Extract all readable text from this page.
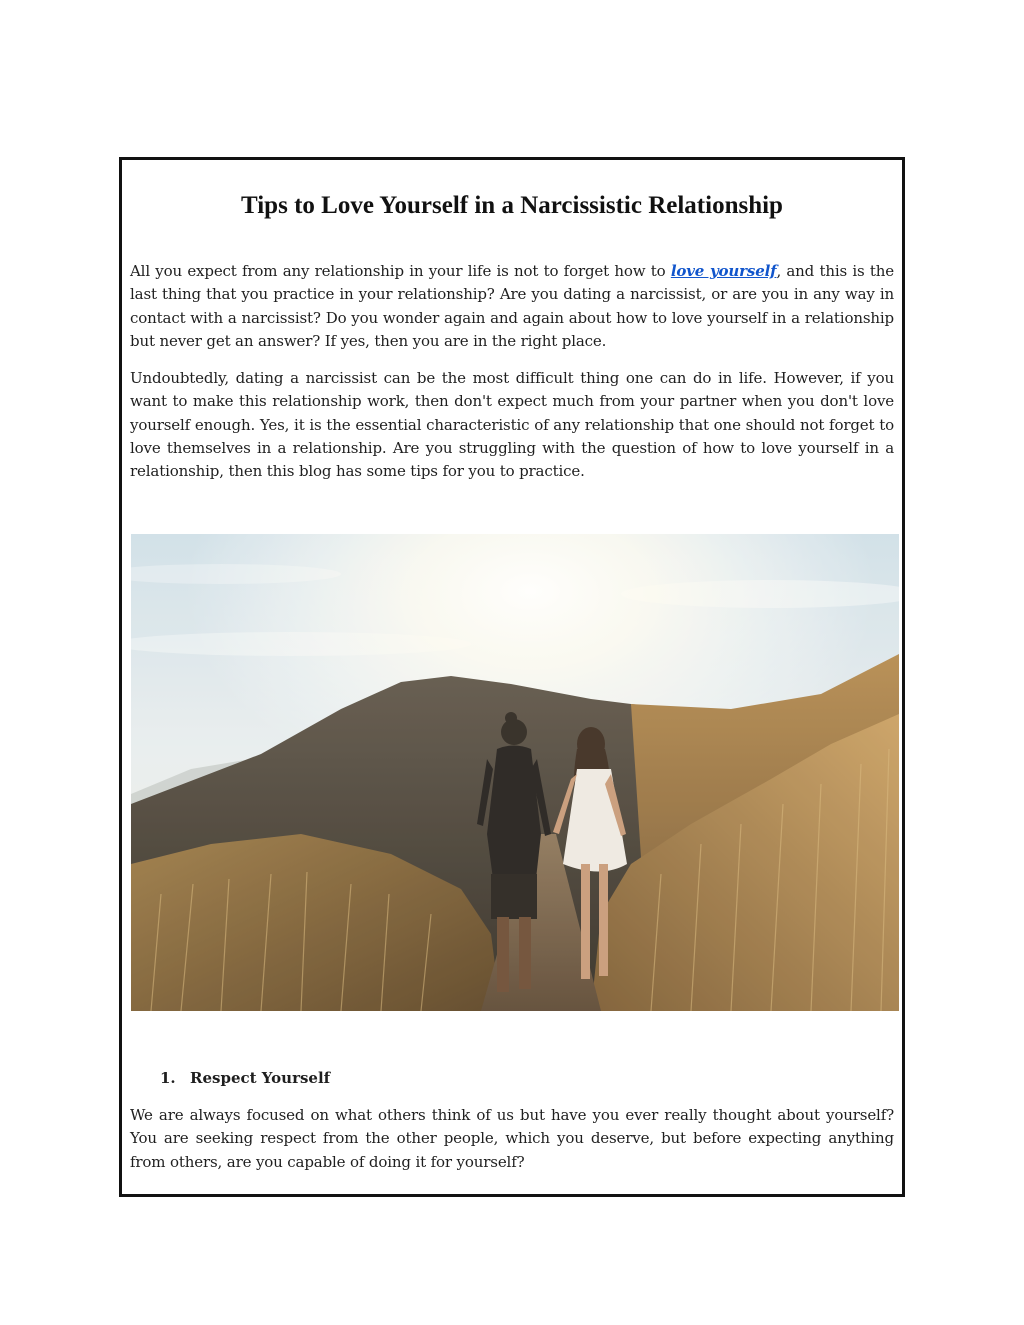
Tips to Love Yourself in a Narcissistic Relationship

All you expect from any relationship in your life is not to forget how to love yourself, and this is the last thing that you practice in your relationship? Are you dating a narcissist, or are you in any way in contact with a narcissist? Do you wonder again and again about how to love yourself in a relationship but never get an answer? If yes, then you are in the right place.

Undoubtedly, dating a narcissist can be the most difficult thing one can do in life. However, if you want to make this relationship work, then don't expect much from your partner when you don't love yourself enough. Yes, it is the essential characteristic of any relationship that one should not forget to love themselves in a relationship. Are you struggling with the question of how to love yourself in a relationship, then this blog has some tips for you to practice.

1. Respect Yourself

We are always focused on what others think of us but have you ever really thought about yourself? You are seeking respect from the other people, which you deserve, but before expecting anything from others, are you capable of doing it for yourself?
